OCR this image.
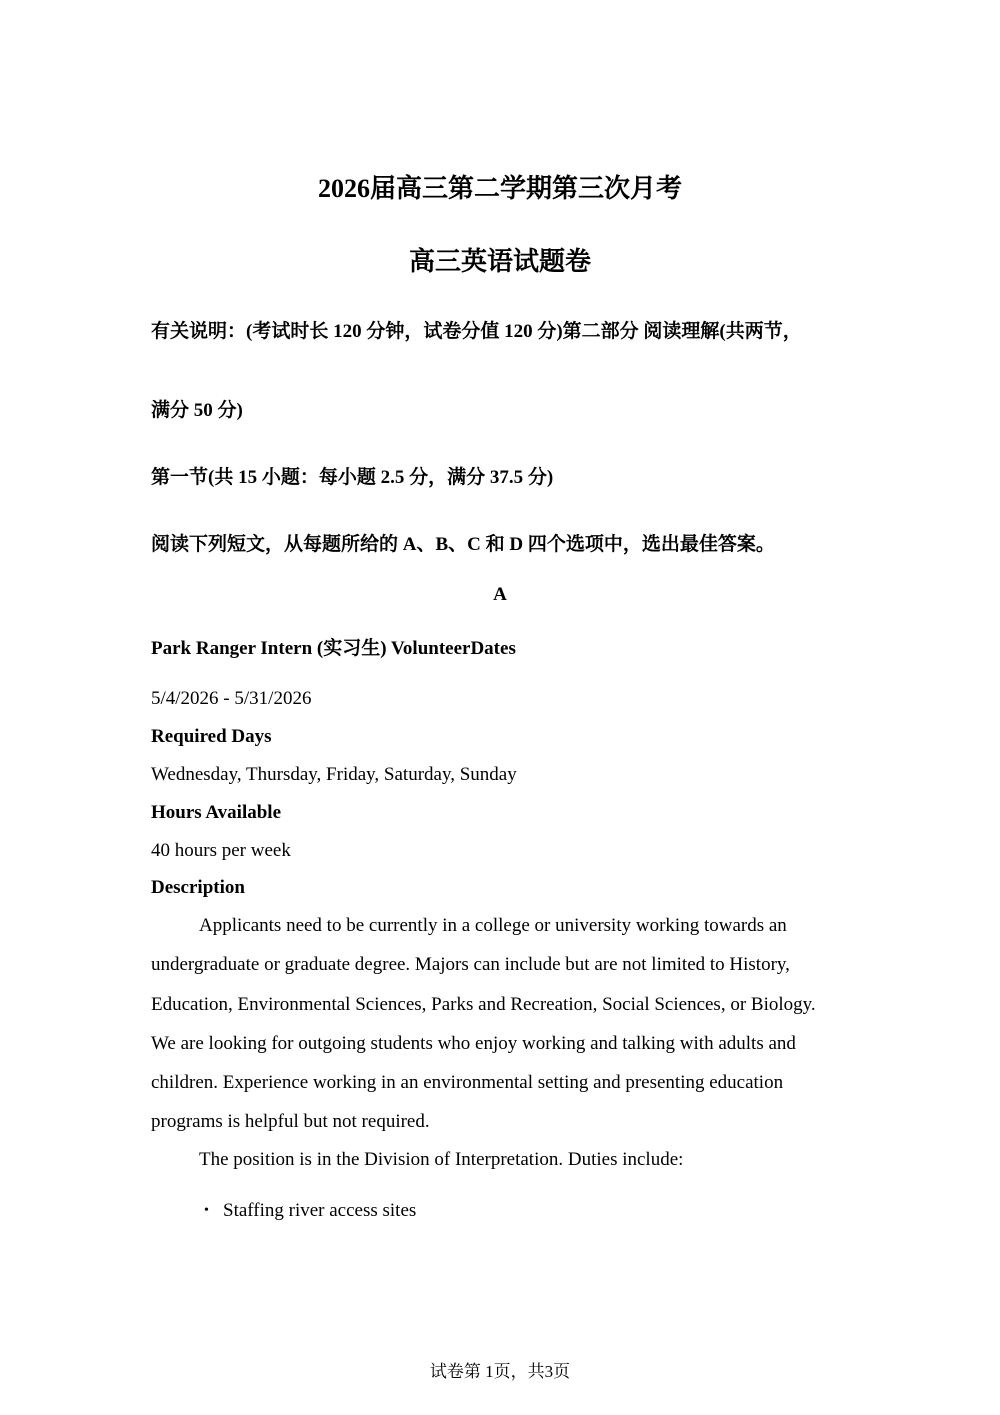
2026届高三第二学期第三次月考
高三英语试题卷
有关说明：(考试时长 120 分钟，试卷分值 120 分)第二部分 阅读理解(共两节，
满分 50 分)
第一节(共 15 小题：每小题 2.5 分，满分 37.5 分)
阅读下列短文，从每题所给的 A、B、C 和 D 四个选项中，选出最佳答案。
A
Park Ranger Intern (实习生) VolunteerDates
5/4/2026 - 5/31/2026
Required Days
Wednesday, Thursday, Friday, Saturday, Sunday
Hours Available
40 hours per week
Description
Applicants need to be currently in a college or university working towards an undergraduate or graduate degree. Majors can include but are not limited to History, Education, Environmental Sciences, Parks and Recreation, Social Sciences, or Biology. We are looking for outgoing students who enjoy working and talking with adults and children. Experience working in an environmental setting and presenting education programs is helpful but not required.
The position is in the Division of Interpretation. Duties include:
• Staffing river access sites
试卷第 1页，共3页
